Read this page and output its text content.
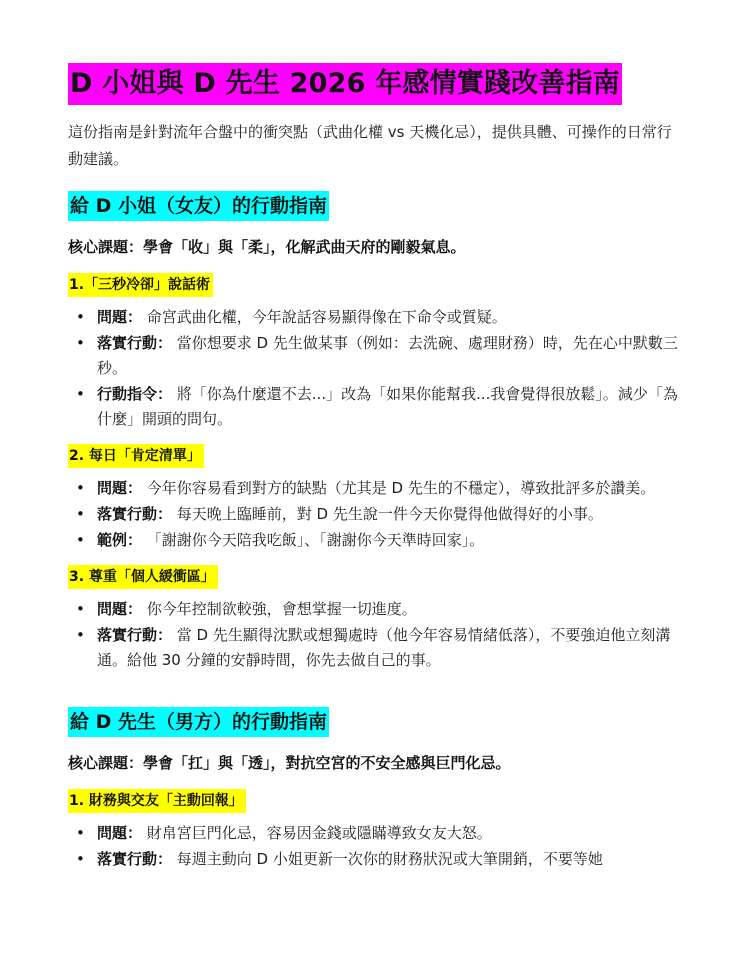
D 小姐與 D 先生 2026 年感情實踐改善指南
這份指南是針對流年合盤中的衝突點（武曲化權 vs 天機化忌），提供具體、可操作的日常行動建議。
給 D 小姐（女友）的行動指南
核心課題：學會「收」與「柔」，化解武曲天府的剛毅氣息。
1.「三秒冷卻」說話術
• 問題： 命宮武曲化權，今年說話容易顯得像在下命令或質疑。
• 落實行動： 當你想要求 D 先生做某事（例如：去洗碗、處理財務）時，先在心中默數三秒。
• 行動指令： 將「你為什麼還不去...」改為「如果你能幫我...我會覺得很放鬆」。減少「為什麼」開頭的問句。
2. 每日「肯定清單」
• 問題： 今年你容易看到對方的缺點（尤其是 D 先生的不穩定），導致批評多於讚美。
• 落實行動： 每天晚上臨睡前，對 D 先生說一件今天你覺得他做得好的小事。
• 範例： 「謝謝你今天陪我吃飯」、「謝謝你今天準時回家」。
3. 尊重「個人緩衝區」
• 問題： 你今年控制欲較強，會想掌握一切進度。
• 落實行動： 當 D 先生顯得沈默或想獨處時（他今年容易情緒低落），不要強迫他立刻溝通。給他 30 分鐘的安靜時間，你先去做自己的事。
給 D 先生（男方）的行動指南
核心課題：學會「扛」與「透」，對抗空宮的不安全感與巨門化忌。
1. 財務與交友「主動回報」
• 問題： 財帛宮巨門化忌，容易因金錢或隱瞞導致女友大怒。
• 落實行動： 每週主動向 D 小姐更新一次你的財務狀況或大筆開銷，不要等她
